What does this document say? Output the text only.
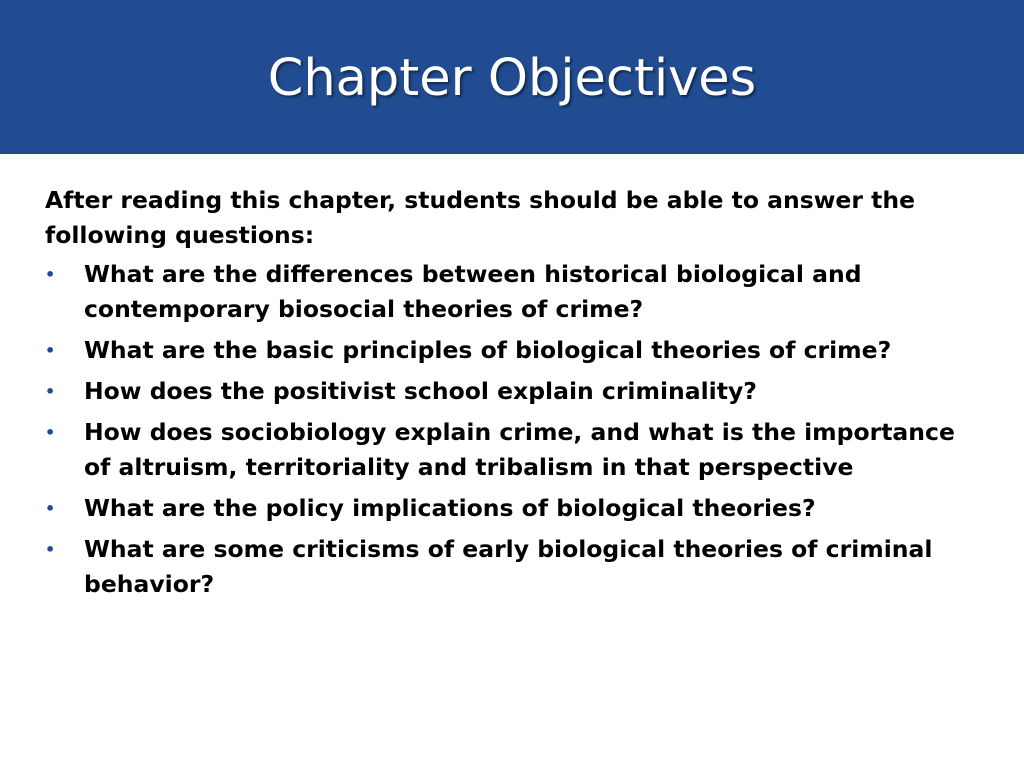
Chapter Objectives

After reading this chapter, students should be able to answer the following questions:

• What are the differences between historical biological and contemporary biosocial theories of crime?
• What are the basic principles of biological theories of crime?
• How does the positivist school explain criminality?
• How does sociobiology explain crime, and what is the importance of altruism, territoriality and tribalism in that perspective
• What are the policy implications of biological theories?
• What are some criticisms of early biological theories of criminal behavior?
